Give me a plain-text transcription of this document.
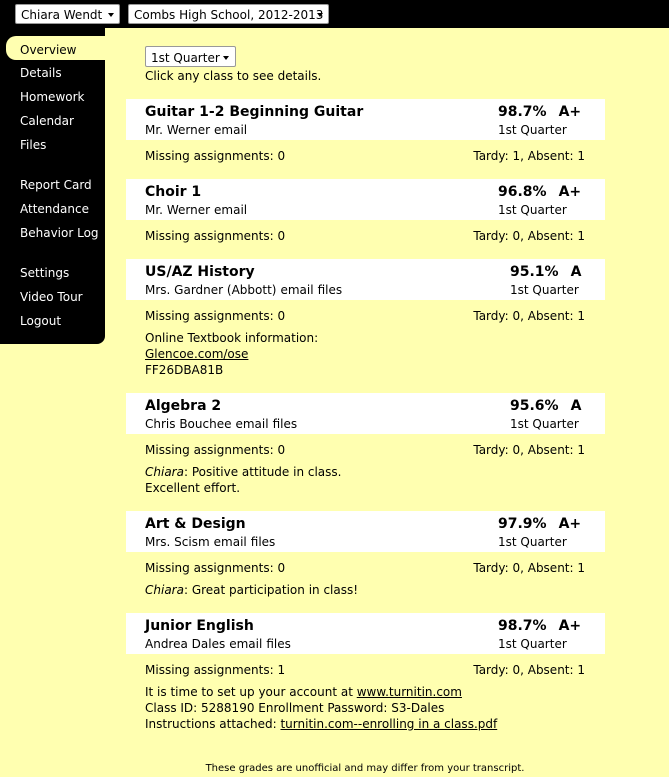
Chiara Wendt	Combs High School, 2012-2013
Overview
Details
Homework
Calendar
Files
Report Card
Attendance
Behavior Log
Settings
Video Tour
Logout
1st Quarter
Click any class to see details.
Guitar 1-2 Beginning Guitar
Mr. Werner email
98.7% A+
1st Quarter
Missing assignments: 0	Tardy: 1, Absent: 1
Choir 1
Mr. Werner email
96.8% A+
1st Quarter
Missing assignments: 0	Tardy: 0, Absent: 1
US/AZ History
Mrs. Gardner (Abbott) email files
95.1% A
1st Quarter
Missing assignments: 0	Tardy: 0, Absent: 1
Online Textbook information:
Glencoe.com/ose
FF26DBA81B
Algebra 2
Chris Bouchee email files
95.6% A
1st Quarter
Missing assignments: 0	Tardy: 0, Absent: 1
Chiara: Positive attitude in class.
Excellent effort.
Art & Design
Mrs. Scism email files
97.9% A+
1st Quarter
Missing assignments: 0	Tardy: 0, Absent: 1
Chiara: Great participation in class!
Junior English
Andrea Dales email files
98.7% A+
1st Quarter
Missing assignments: 1	Tardy: 0, Absent: 1
It is time to set up your account at www.turnitin.com
Class ID: 5288190 Enrollment Password: S3-Dales
Instructions attached: turnitin.com--enrolling in a class.pdf
These grades are unofficial and may differ from your transcript.
